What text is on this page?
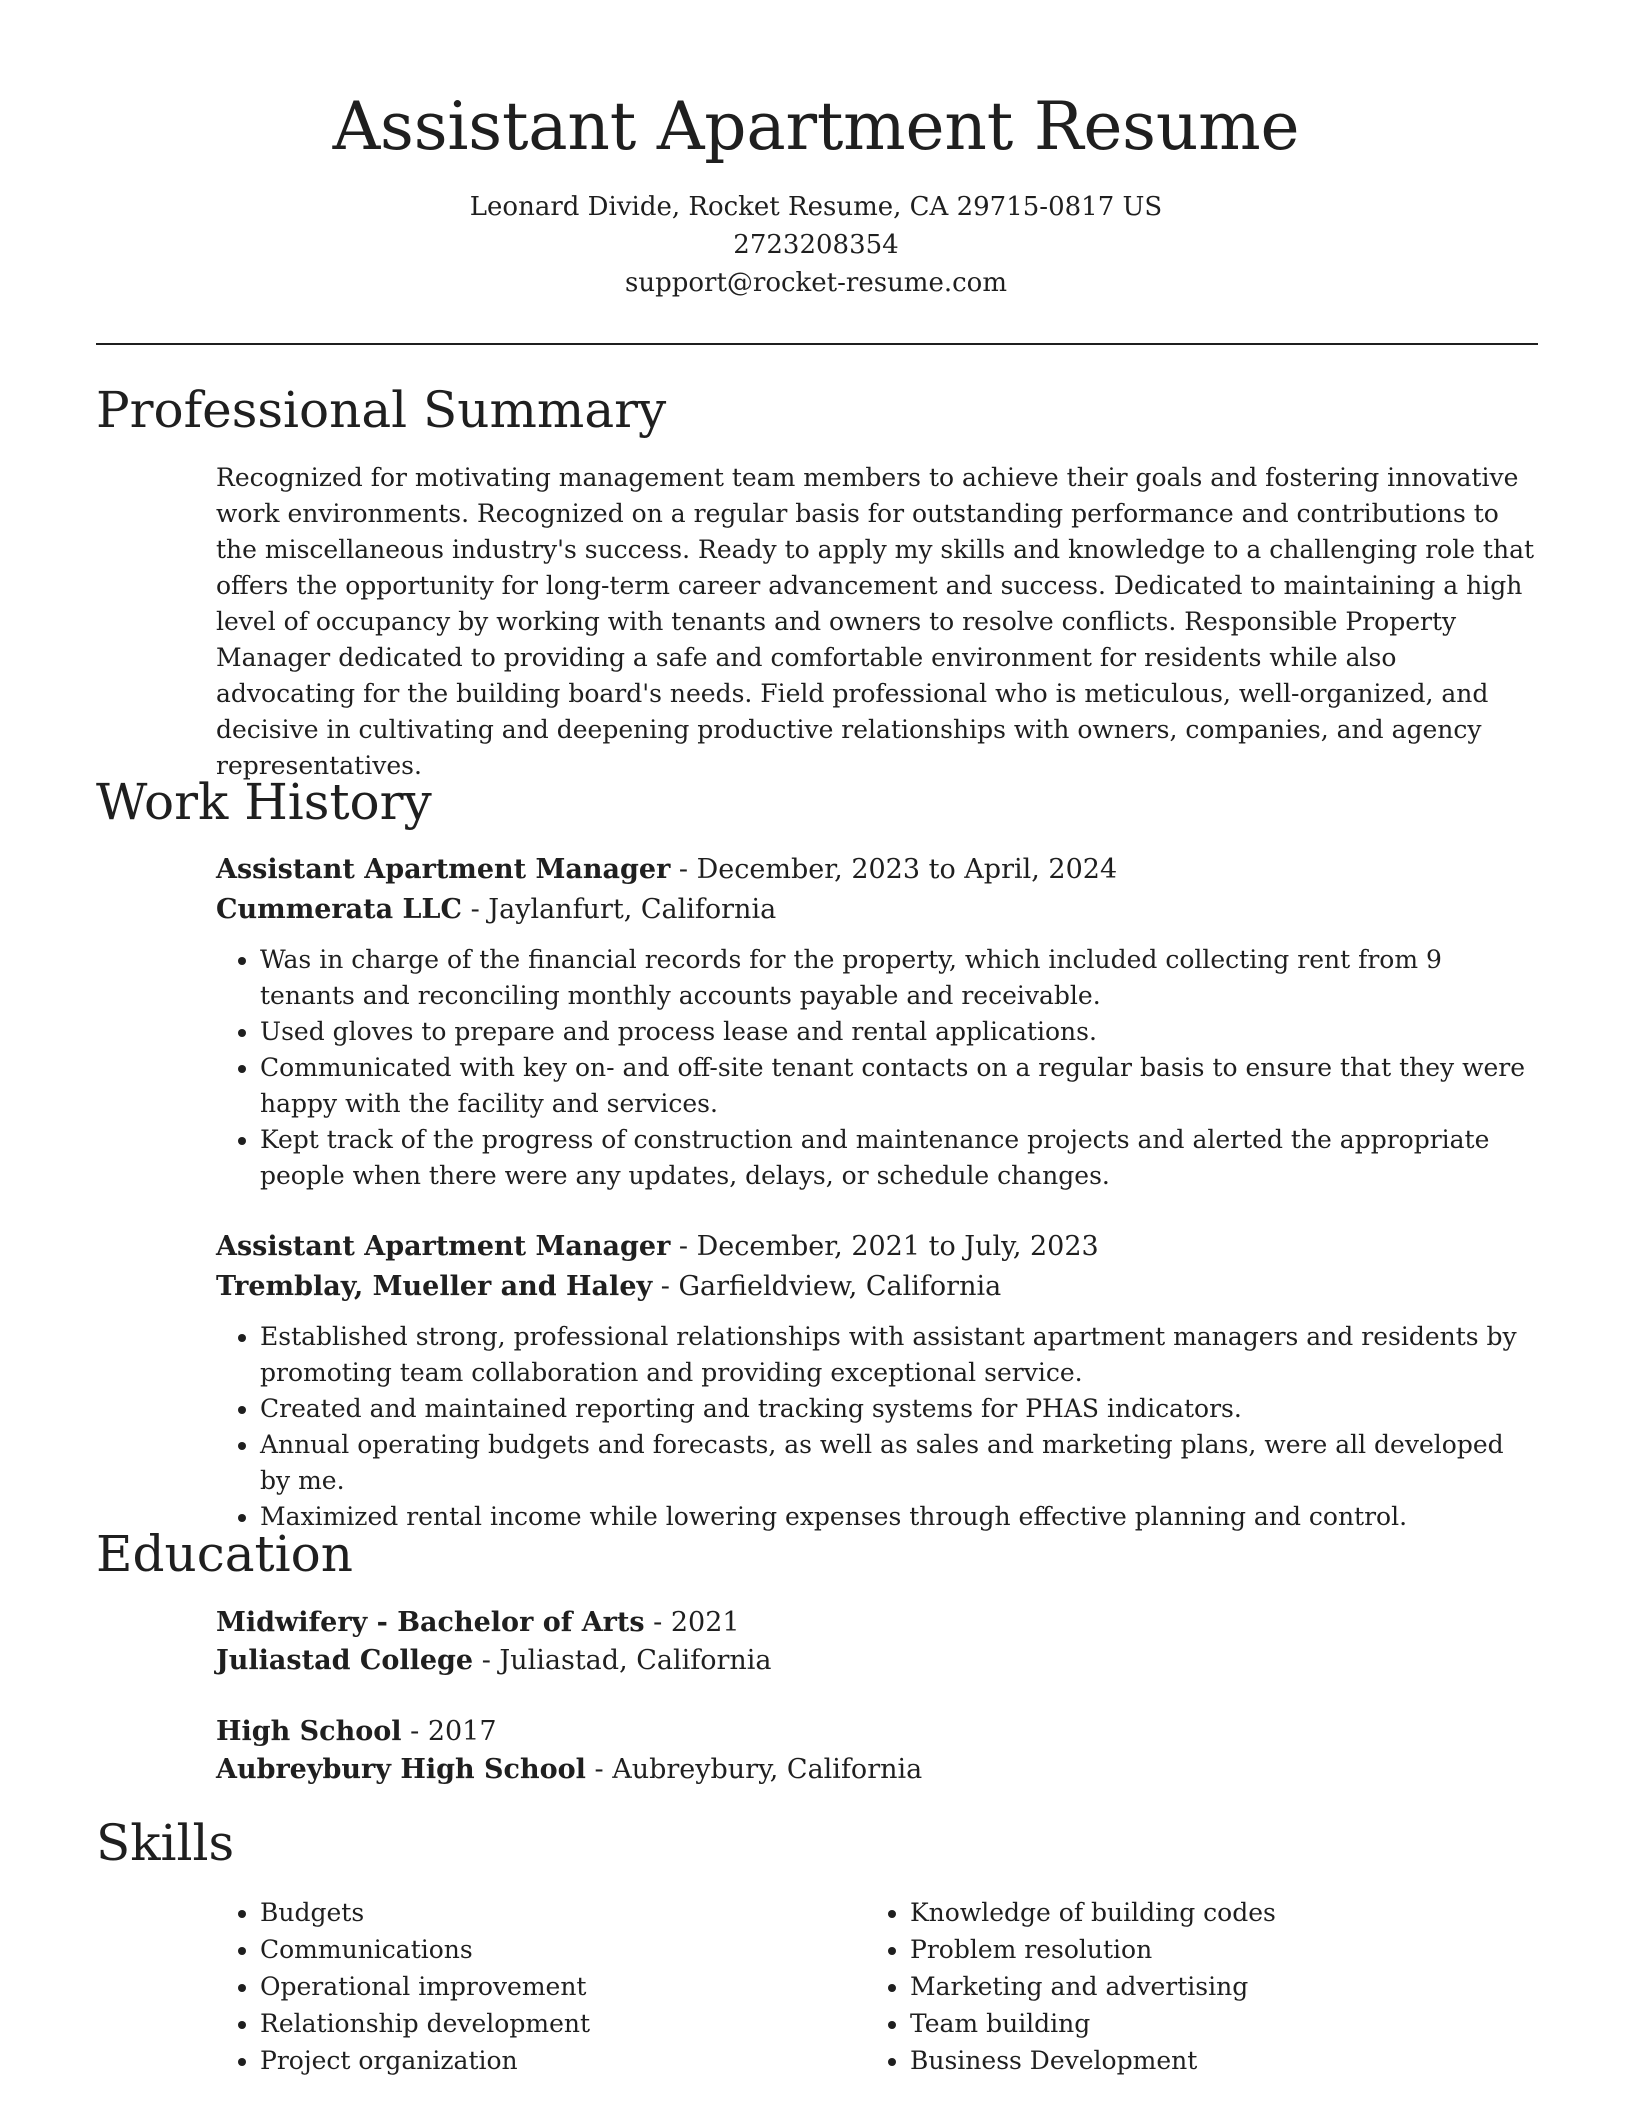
Assistant Apartment Resume
Leonard Divide, Rocket Resume, CA 29715-0817 US
2723208354
support@rocket-resume.com
Professional Summary

Recognized for motivating management team members to achieve their goals and fostering innovative work environments. Recognized on a regular basis for outstanding performance and contributions to the miscellaneous industry's success. Ready to apply my skills and knowledge to a challenging role that offers the opportunity for long-term career advancement and success. Dedicated to maintaining a high level of occupancy by working with tenants and owners to resolve conflicts. Responsible Property Manager dedicated to providing a safe and comfortable environment for residents while also advocating for the building board's needs. Field professional who is meticulous, well-organized, and decisive in cultivating and deepening productive relationships with owners, companies, and agency representatives.

Work History

Assistant Apartment Manager - December, 2023 to April, 2024

Cummerata LLC - Jaylanfurt, California

• Was in charge of the financial records for the property, which included collecting rent from 9 tenants and reconciling monthly accounts payable and receivable.
• Used gloves to prepare and process lease and rental applications.
• Communicated with key on- and off-site tenant contacts on a regular basis to ensure that they were happy with the facility and services.
• Kept track of the progress of construction and maintenance projects and alerted the appropriate people when there were any updates, delays, or schedule changes.

Assistant Apartment Manager - December, 2021 to July, 2023

Tremblay, Mueller and Haley - Garfieldview, California

• Established strong, professional relationships with assistant apartment managers and residents by promoting team collaboration and providing exceptional service.
• Created and maintained reporting and tracking systems for PHAS indicators.
• Annual operating budgets and forecasts, as well as sales and marketing plans, were all developed by me.
• Maximized rental income while lowering expenses through effective planning and control.
Education

Midwifery - Bachelor of Arts - 2021

Juliastad College - Juliastad, California

High School - 2017

Aubreybury High School - Aubreybury, California

Skills
• Budgets
• Communications
• Operational improvement
• Relationship development
• Project organization
• Knowledge of building codes
• Problem resolution
• Marketing and advertising
• Team building
• Business Development
